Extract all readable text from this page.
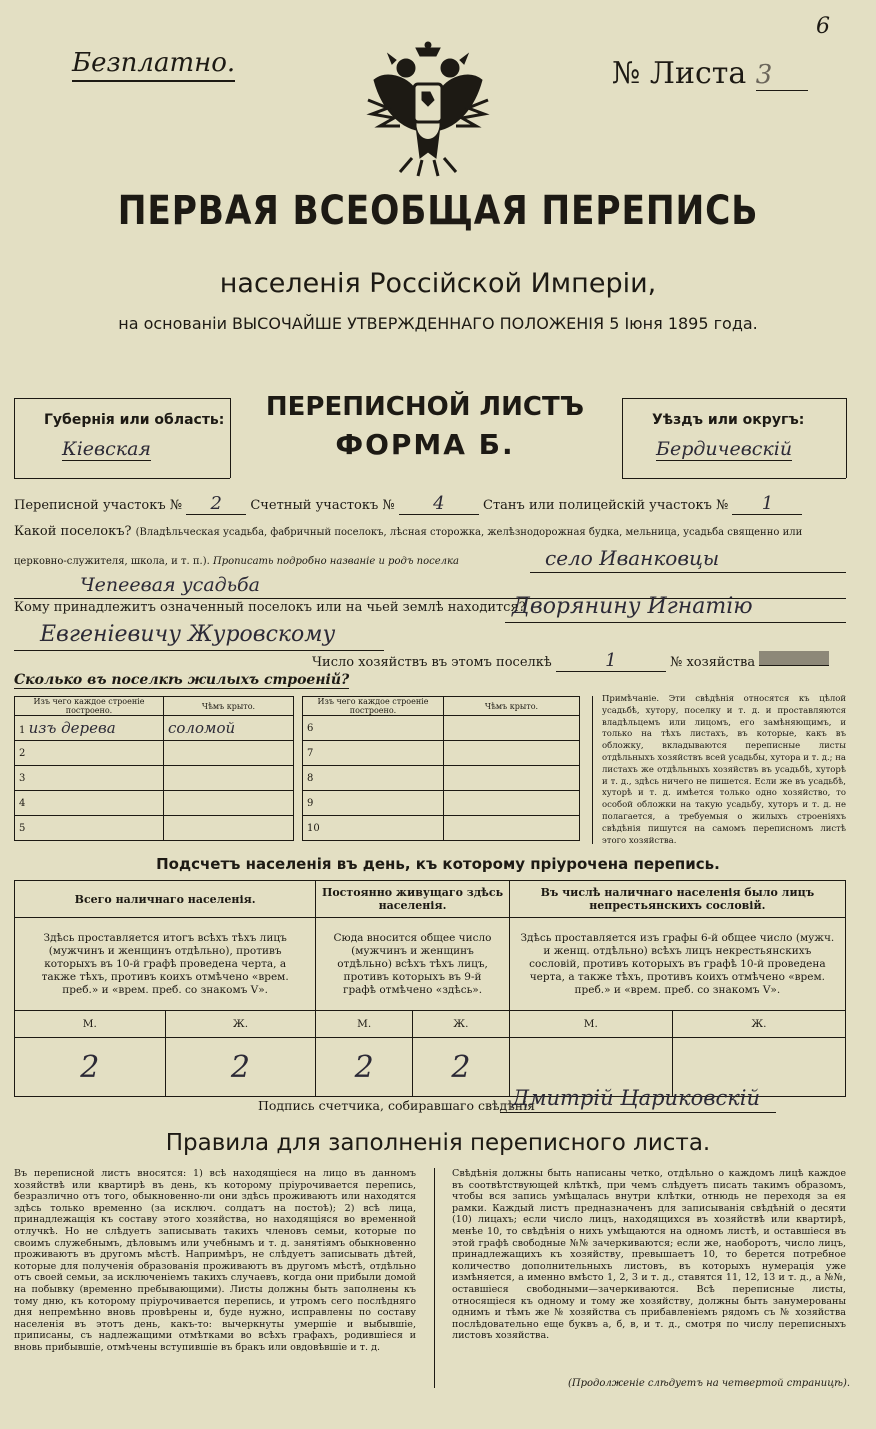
6
Безплатно.	№ Листа 3
ПЕРВАЯ ВСЕОБЩАЯ ПЕРЕПИСЬ
населенія Россійской Имперіи,
на основаніи ВЫСОЧАЙШЕ УТВЕРЖДЕННАГО ПОЛОЖЕНІЯ 5 Іюня 1895 года.
Губернія или область:
Кіевская
ПЕРЕПИСНОЙ ЛИСТЪ
ФОРМА Б.
Уѣздъ или округъ:
Бердичевскій
Переписной участокъ № 2 Счетный участокъ № 4	Станъ или полицейскій участокъ № 1
Какой поселокъ? (Владѣльческая усадьба, фабричный поселокъ, лѣсная сторожка, желѣзнодорожная будка, мельница, усадьба священно или
церковно-служителя, школа, и т. п.). Прописать подробно названіе и родъ поселка	село Иванковцы
Чепеевая усадьба
Кому принадлежитъ означенный поселокъ или на чьей землѣ находится?
Дворянину Игнатію
Евгеніевичу Журовскому
Число хозяйствъ въ этомъ поселкѣ	1	№ хозяйства
Сколько въ поселкѣ жилыхъ строеній?
Изъ чего каждое строеніе построено.	Чѣмъ крыто.
1 изъ дерева	соломой
2	
3	
4	
5	
Изъ чего каждое строеніе построено.	Чѣмъ крыто.
6	
7	
8	
9	
10	
Примѣчаніе. Эти свѣдѣнія относятся къ цѣлой усадьбѣ, хутору, поселку и т. д. и проставляются владѣльцемъ или лицомъ, его замѣняющимъ, и только на тѣхъ листахъ, въ которые, какъ въ обложку, вкладываются переписные листы отдѣльныхъ хозяйствъ всей усадьбы, хутора и т. д.; на листахъ же отдѣльныхъ хозяйствъ въ усадьбѣ, хуторѣ и т. д., здѣсь ничего не пишется. Если же въ усадьбѣ, хуторѣ и т. д. имѣется только одно хозяйство, то особой обложки на такую усадьбу, хуторъ и т. д. не полагается, а требуемыя о жилыхъ строеніяхъ свѣдѣнія пишутся на самомъ переписномъ листѣ этого хозяйства.
Подсчетъ населенія въ день, къ которому пріурочена перепись.
Всего наличнаго населенія.		Постоянно живущаго здѣсь населенія.		Въ числѣ наличнаго населенія было лицъ непрестьянскихъ сословій.	
Здѣсь проставляется итогъ всѣхъ тѣхъ лицъ (мужчинъ и женщинъ отдѣльно), противъ которыхъ въ 10-й графѣ проведена черта, а также тѣхъ, противъ коихъ отмѣчено «врем. преб.» и «врем. преб. со знакомъ V».		Сюда вносится общее число (мужчинъ и женщинъ отдѣльно) всѣхъ тѣхъ лицъ, противъ которыхъ въ 9-й графѣ отмѣчено «здѣсь».		Здѣсь проставляется изъ графы 6-й общее число (мужч. и женщ. отдѣльно) всѣхъ лицъ некрестьянскихъ сословій, противъ которыхъ въ графѣ 10-й проведена черта, а также тѣхъ, противъ коихъ отмѣчено «врем. преб.» и «врем. преб. со знакомъ V».	
М.	Ж.	М.	Ж.	М.	Ж.
2	2	2	2		
Подпись счетчика, собиравшаго свѣдѣнія
Дмитрій Цариковскій
Правила для заполненія переписного листа.
Въ переписной листъ вносятся: 1) всѣ находящіеся на лицо въ данномъ хозяйствѣ или квартирѣ въ день, къ которому пріурочивается перепись, безразлично отъ того, обыкновенно-ли они здѣсь проживаютъ или находятся здѣсь только временно (за исключ. солдатъ на постоѣ); 2) всѣ лица, принадлежащія къ составу этого хозяйства, но находящіяся во временной отлучкѣ. Но не слѣдуетъ записывать такихъ членовъ семьи, которые по своимъ служебнымъ, дѣловымъ или учебнымъ и т. д. занятіямъ обыкновенно проживаютъ въ другомъ мѣстѣ. Напримѣръ, не слѣдуетъ записывать дѣтей, которые для полученія образованія проживаютъ въ другомъ мѣстѣ, отдѣльно отъ своей семьи, за исключеніемъ такихъ случаевъ, когда они прибыли домой на побывку (временно пребывающими). Листы должны быть заполнены къ тому дню, къ которому пріурочивается перепись, и утромъ сего послѣдняго дня непремѣнно вновь провѣрены и, буде нужно, исправлены по составу населенія въ этотъ день, какъ-то: вычеркнуты умершіе и выбывшіе, приписаны, съ надлежащими отмѣтками во всѣхъ графахъ, родившіеся и вновь прибывшіе, отмѣчены вступившіе въ бракъ или овдовѣвшіе и т. д.
Свѣдѣнія должны быть написаны четко, отдѣльно о каждомъ лицѣ каждое въ соотвѣтствующей клѣткѣ, при чемъ слѣдуетъ писать такимъ образомъ, чтобы вся запись умѣщалась внутри клѣтки, отнюдь не переходя за ея рамки. Каждый листъ предназначенъ для записыванія свѣдѣній о десяти (10) лицахъ; если число лицъ, находящихся въ хозяйствѣ или квартирѣ, менѣе 10, то свѣдѣнія о нихъ умѣщаются на одномъ листѣ, и оставшіеся въ этой графѣ свободные №№ зачеркиваются; если же, наоборотъ, число лицъ, принадлежащихъ къ хозяйству, превышаетъ 10, то берется потребное количество дополнительныхъ листовъ, въ которыхъ нумерація уже измѣняется, а именно вмѣсто 1, 2, 3 и т. д., ставятся 11, 12, 13 и т. д., а №№, оставшіеся свободными—зачеркиваются. Всѣ переписные листы, относящіеся къ одному и тому же хозяйству, должны быть занумерованы однимъ и тѣмъ же № хозяйства съ прибавленіемъ рядомъ съ № хозяйства послѣдовательно еще буквъ а, б, в, и т. д., смотря по числу переписныхъ листовъ хозяйства.
(Продолженіе слѣдуетъ на четвертой страницѣ).
